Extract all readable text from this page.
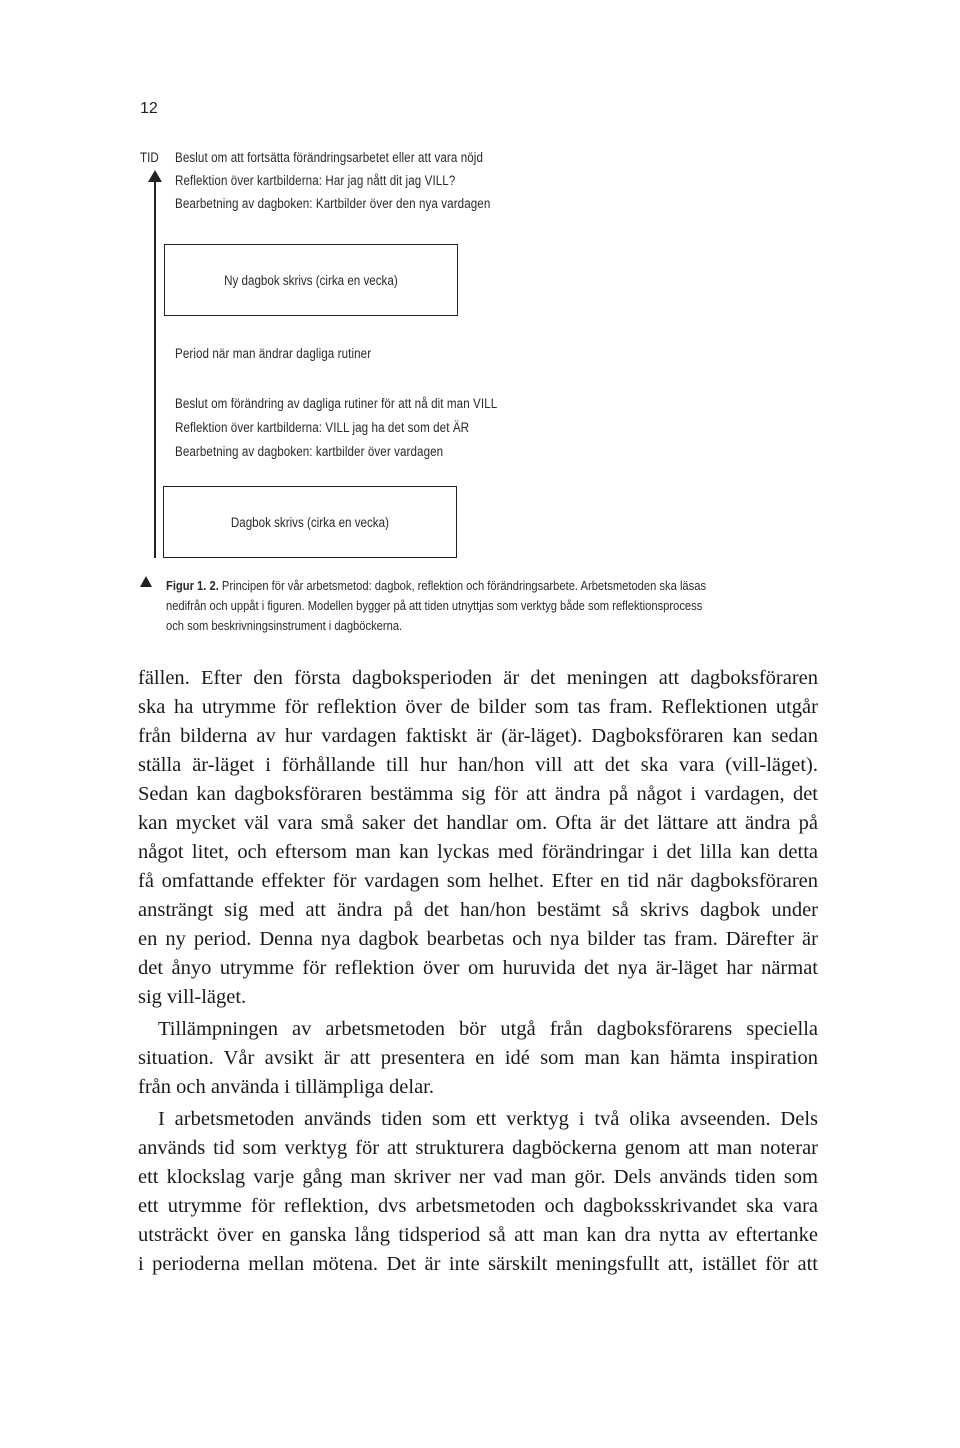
12
TID Beslut om att fortsätta förändringsarbetet eller att vara nöjd
Reflektion över kartbilderna: Har jag nått dit jag VILL?
Bearbetning av dagboken: Kartbilder över den nya vardagen
Ny dagbok skrivs (cirka en vecka)
Period när man ändrar dagliga rutiner
Beslut om förändring av dagliga rutiner för att nå dit man VILL
Reflektion över kartbilderna: VILL jag ha det som det ÄR
Bearbetning av dagboken: kartbilder över vardagen
Dagbok skrivs (cirka en vecka)
Figur 1. 2. Principen för vår arbetsmetod: dagbok, reflektion och förändringsarbete. Arbetsmetoden ska läsas
nedifrån och uppåt i figuren. Modellen bygger på att tiden utnyttjas som verktyg både som reflektionsprocess
och som beskrivningsinstrument i dagböckerna.
fällen. Efter den första dagboksperioden är det meningen att dagboksföraren
ska ha utrymme för reflektion över de bilder som tas fram. Reflektionen utgår
från bilderna av hur vardagen faktiskt är (är-läget). Dagboksföraren kan sedan
ställa är-läget i förhållande till hur han/hon vill att det ska vara (vill-läget).
Sedan kan dagboksföraren bestämma sig för att ändra på något i vardagen, det
kan mycket väl vara små saker det handlar om. Ofta är det lättare att ändra på
något litet, och eftersom man kan lyckas med förändringar i det lilla kan detta
få omfattande effekter för vardagen som helhet. Efter en tid när dagboksföraren
ansträngt sig med att ändra på det han/hon bestämt så skrivs dagbok under
en ny period. Denna nya dagbok bearbetas och nya bilder tas fram. Därefter är
det ånyo utrymme för reflektion över om huruvida det nya är-läget har närmat
sig vill-läget.
Tillämpningen av arbetsmetoden bör utgå från dagboksförarens speciella
situation. Vår avsikt är att presentera en idé som man kan hämta inspiration
från och använda i tillämpliga delar.
I arbetsmetoden används tiden som ett verktyg i två olika avseenden. Dels
används tid som verktyg för att strukturera dagböckerna genom att man noterar
ett klockslag varje gång man skriver ner vad man gör. Dels används tiden som
ett utrymme för reflektion, dvs arbetsmetoden och dagboksskrivandet ska vara
utsträckt över en ganska lång tidsperiod så att man kan dra nytta av eftertanke
i perioderna mellan mötena. Det är inte särskilt meningsfullt att, istället för att
